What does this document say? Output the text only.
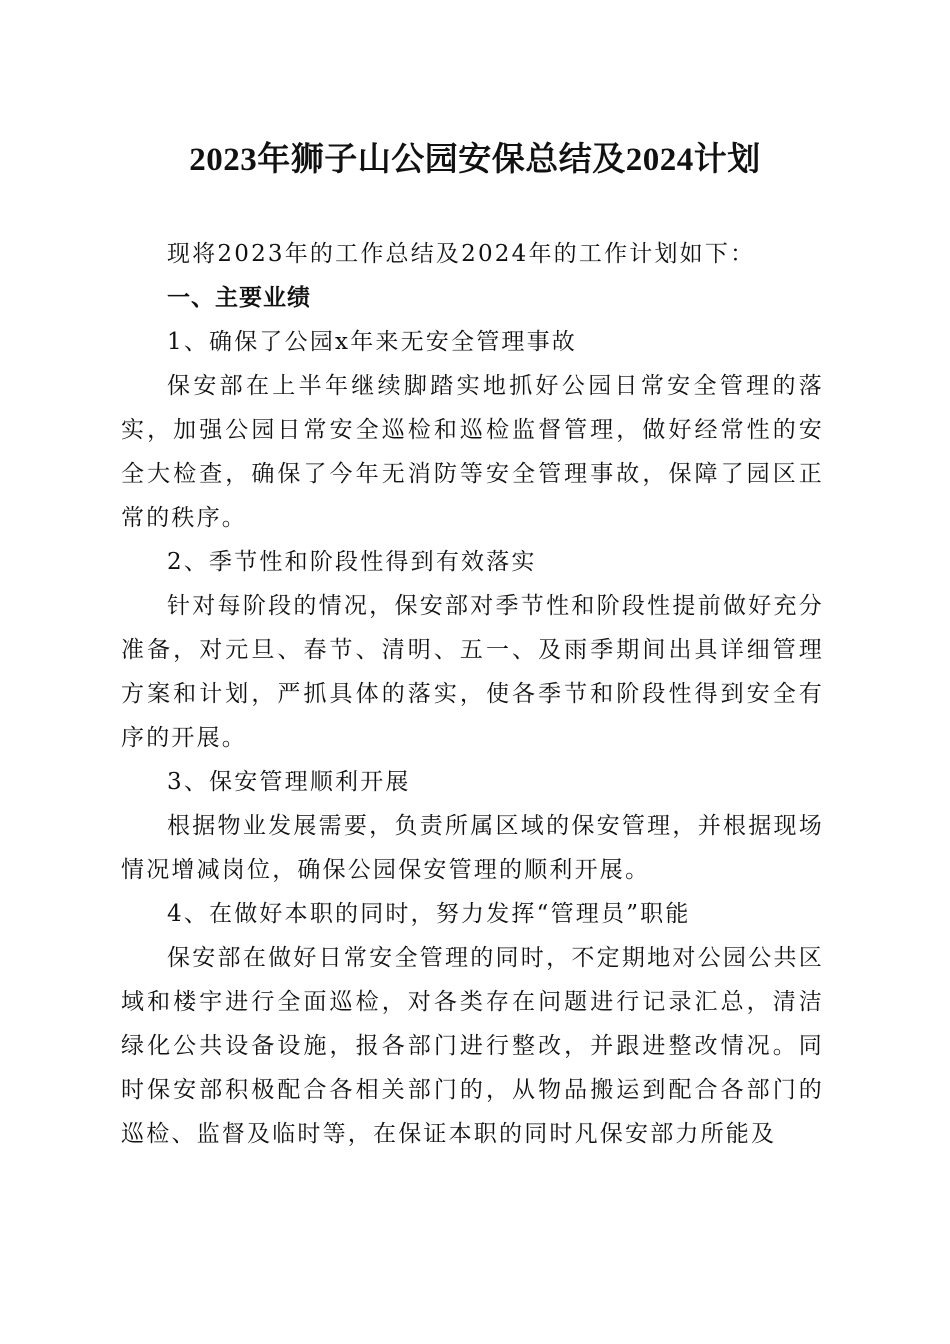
2023年狮子山公园安保总结及2024计划

现将2023年的工作总结及2024年的工作计划如下：

一、主要业绩

1、确保了公园x年来无安全管理事故

保安部在上半年继续脚踏实地抓好公园日常安全管理的落实，加强公园日常安全巡检和巡检监督管理，做好经常性的安全大检查，确保了今年无消防等安全管理事故，保障了园区正常的秩序。

2、季节性和阶段性得到有效落实

针对每阶段的情况，保安部对季节性和阶段性提前做好充分准备，对元旦、春节、清明、五一、及雨季期间出具详细管理方案和计划，严抓具体的落实，使各季节和阶段性得到安全有序的开展。

3、保安管理顺利开展

根据物业发展需要，负责所属区域的保安管理，并根据现场情况增减岗位，确保公园保安管理的顺利开展。

4、在做好本职的同时，努力发挥“管理员”职能

保安部在做好日常安全管理的同时，不定期地对公园公共区域和楼宇进行全面巡检，对各类存在问题进行记录汇总，清洁绿化公共设备设施，报各部门进行整改，并跟进整改情况。同时保安部积极配合各相关部门的，从物品搬运到配合各部门的巡检、监督及临时等，在保证本职的同时凡保安部力所能及
